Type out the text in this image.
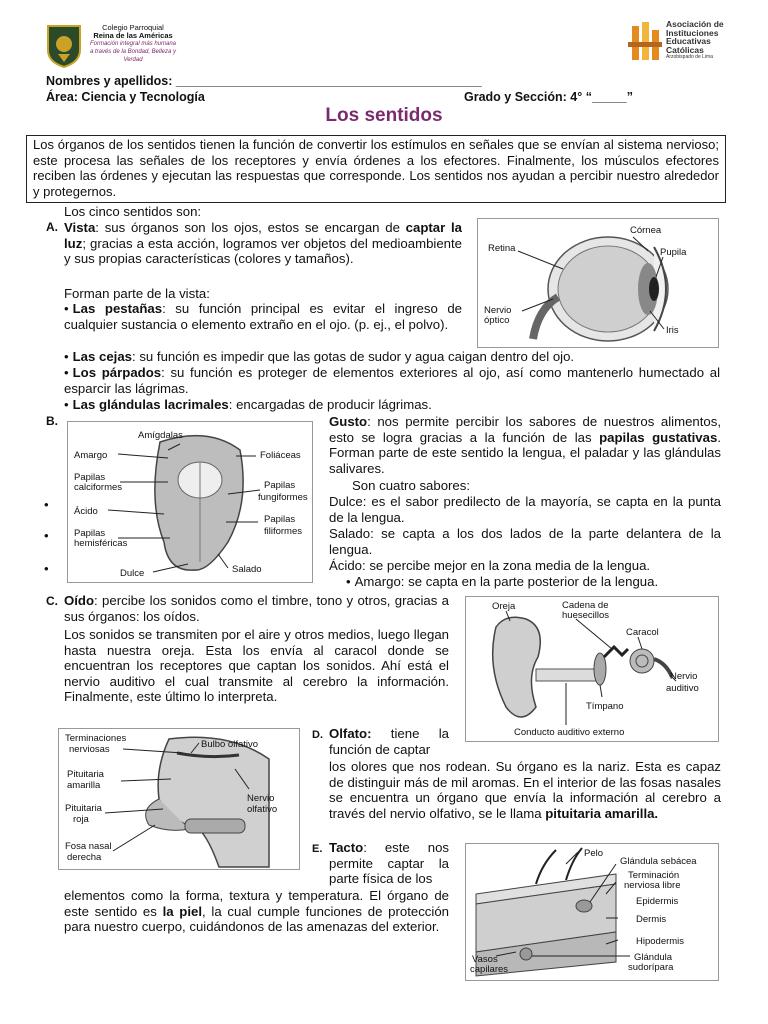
Colegio Parroquial
Reina de las Américas
Formación integral más humana
a través de la Bondad, Belleza y Verdad
Asociación de
Instituciones
Educativas
Católicas
Arzobispado de Lima
Nombres y apellidos: ____________________________________________
Área: Ciencia y Tecnología	Grado y Sección: 4° “_____”
Los sentidos
Los órganos de los sentidos tienen la función de convertir los estímulos en señales que se envían al sistema nervioso; este procesa las señales de los receptores y envía órdenes a los efectores. Finalmente, los músculos efectores reciben las órdenes y ejecutan las respuestas que corresponde. Los sentidos nos ayudan a percibir nuestro alrededor y protegernos.
Los cinco sentidos son:
A. Vista: sus órganos son los ojos, estos se encargan de captar la luz; gracias a esta acción, logramos ver objetos del medioambiente y sus propias características (colores y tamaños).
Forman parte de la vista:
• Las pestañas: su función principal es evitar el ingreso de cualquier sustancia o elemento extraño en el ojo. (p. ej., el polvo).
• Las cejas: su función es impedir que las gotas de sudor y agua caigan dentro del ojo.
• Los párpados: su función es proteger de elementos exteriores al ojo, así como mantenerlo humectado al esparcir las lágrimas.
• Las glándulas lacrimales: encargadas de producir lágrimas.
Córnea
Retina	Pupila
Nervio
óptico
Iris
B.
Amígdalas
Amargo	Foliáceas
Papilas
calciformes	Papilas
fungiformes
Ácido
Papilas
filiformes
Papilas
hemisféricas
Dulce	Salado
•
•
•
Gusto: nos permite percibir los sabores de nuestros alimentos, esto se logra gracias a la función de las papilas gustativas. Forman parte de este sentido la lengua, el paladar y las glándulas salivares.
Son cuatro sabores:
Dulce: es el sabor predilecto de la mayoría, se capta en la punta de la lengua.
Salado: se capta a los dos lados de la parte delantera de la lengua.
Ácido: se percibe mejor en la zona media de la lengua.
• Amargo: se capta en la parte posterior de la lengua.
C. Oído: percibe los sonidos como el timbre, tono y otros, gracias a sus órganos: los oídos.
Los sonidos se transmiten por el aire y otros medios, luego llegan hasta nuestra oreja. Esta los envía al caracol donde se encuentran los receptores que captan los sonidos. Ahí está el nervio auditivo el cual transmite al cerebro la información. Finalmente, este último lo interpreta.
Oreja	Cadena de
huesecillos
Caracol
Nervio
auditivo
Tímpano
Conducto auditivo externo
Terminaciones
nerviosas	Bulbo olfativo
Pituitaria
amarilla
Nervio
olfativo
Pituitaria
roja
Fosa nasal
derecha
D. Olfato: tiene la función de captar
los olores que nos rodean. Su órgano es la nariz. Esta es capaz de distinguir más de mil aromas. En el interior de las fosas nasales se encuentra un órgano que envía la información al cerebro a través del nervio olfativo, se le llama pituitaria amarilla.
E. Tacto: este nos permite captar la parte física de los
elementos como la forma, textura y temperatura. El órgano de este sentido es la piel, la cual cumple funciones de protección para nuestro cuerpo, cuidándonos de las amenazas del exterior.
Pelo
Glándula sebácea
Terminación
nerviosa libre
Epidermis
Dermis
Hipodermis
Vasos
capilares
Glándula
sudorípara
